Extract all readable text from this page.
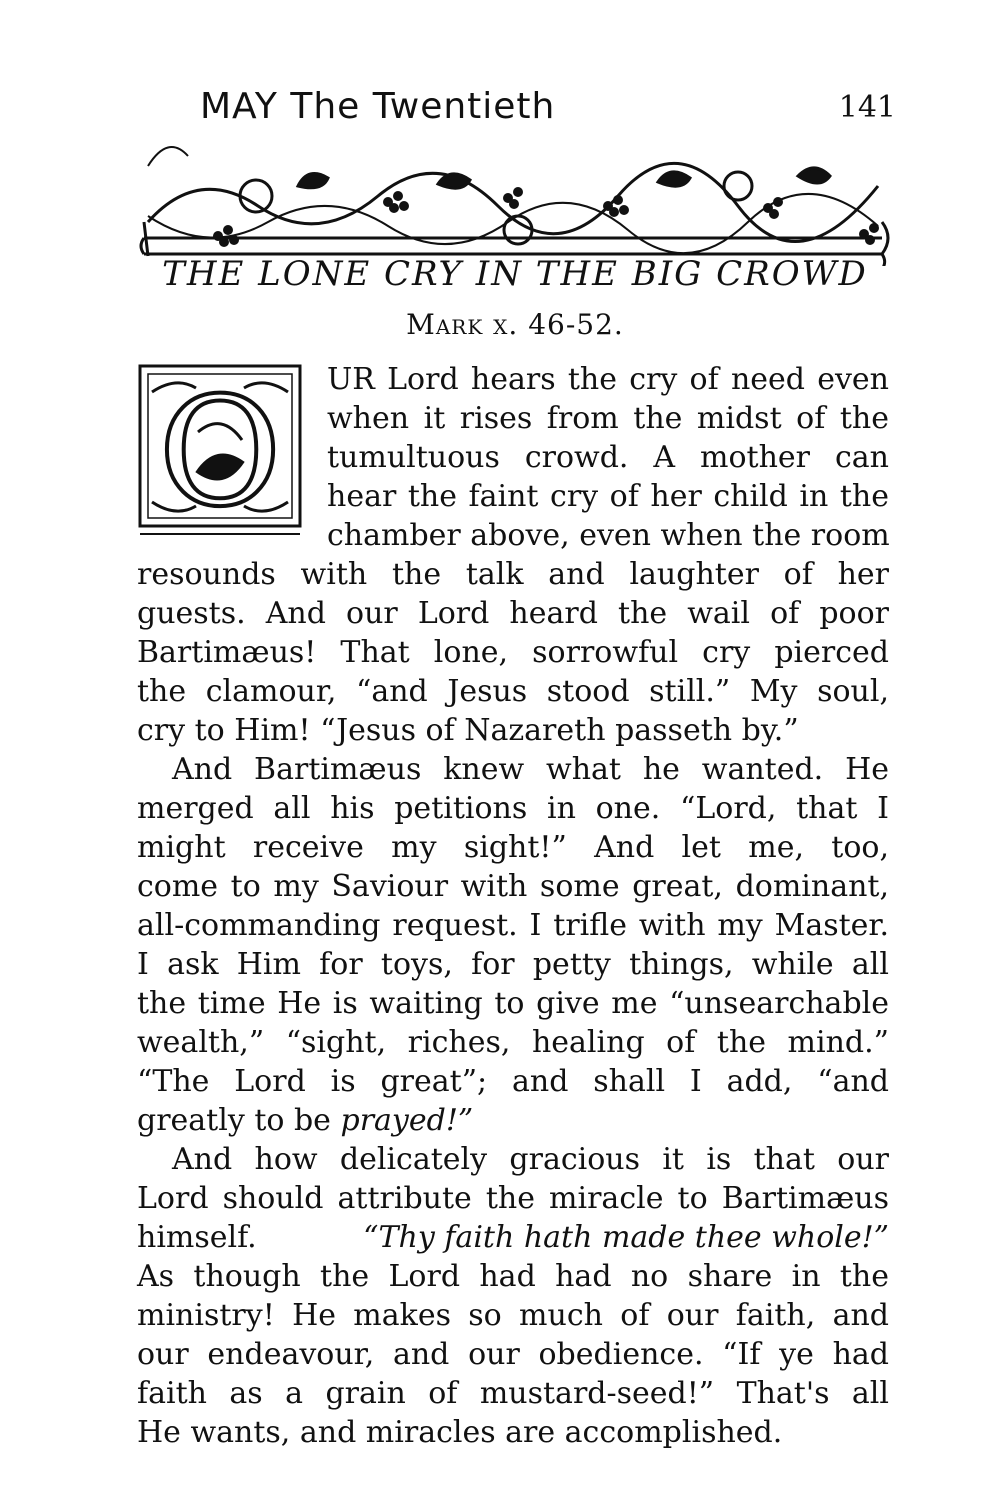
MAY The Twentieth	141
THE LONE CRY IN THE BIG CROWD
Mark x. 46-52.
O UR Lord hears the cry of need even
when it rises from the midst of the
tumultuous crowd. A mother can
hear the faint cry of her child in the
chamber above, even when the room
resounds with the talk and laughter of her
guests. And our Lord heard the wail of poor
Bartimæus! That lone, sorrowful cry pierced
the clamour, “and Jesus stood still.” My soul,
cry to Him! “Jesus of Nazareth passeth by.”
And Bartimæus knew what he wanted. He
merged all his petitions in one. “Lord, that I
might receive my sight!” And let me, too,
come to my Saviour with some great, dominant,
all-commanding request. I trifle with my Master.
I ask Him for toys, for petty things, while all
the time He is waiting to give me “unsearchable
wealth,” “sight, riches, healing of the mind.”
“The Lord is great”; and shall I add, “and
greatly to be prayed!”
And how delicately gracious it is that our
Lord should attribute the miracle to Bartimæus
himself.	“Thy faith hath made thee whole!”
As though the Lord had had no share in the
ministry! He makes so much of our faith, and
our endeavour, and our obedience. “If ye had
faith as a grain of mustard-seed!” That's all
He wants, and miracles are accomplished.
